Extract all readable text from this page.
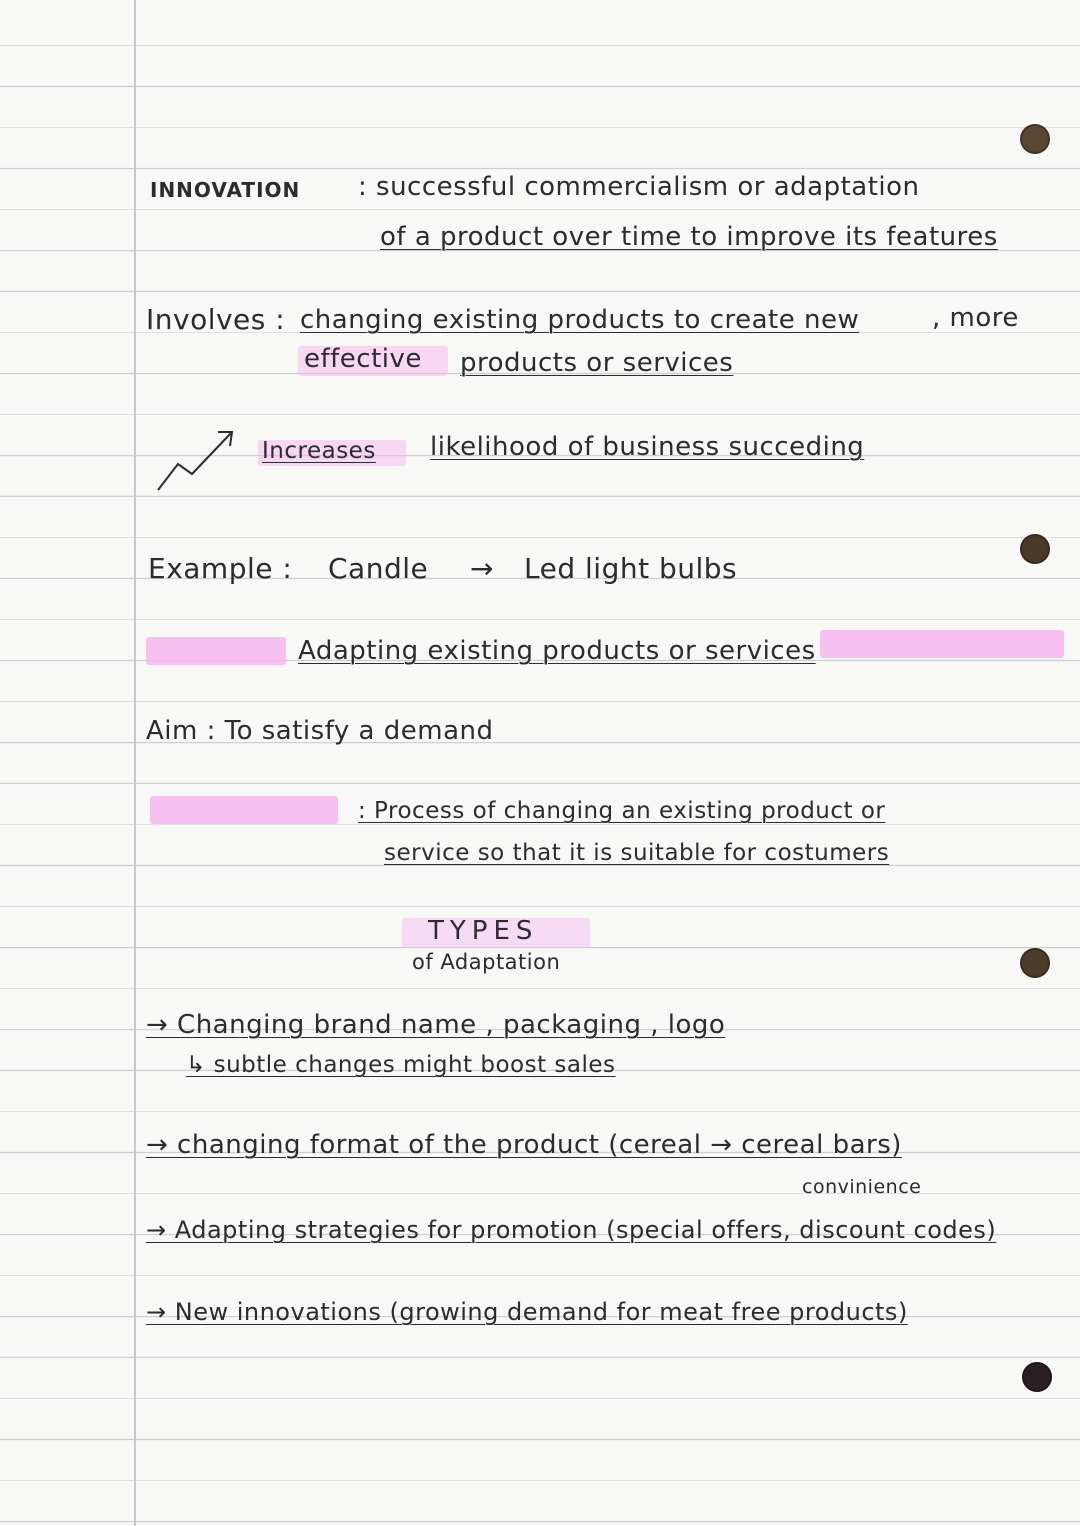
INNOVATION : successful commercialism or adaptation
of a product over time to improve its features
Involves : changing existing products to create new	, more
effective products or services
Increases likelihood of business succeding
Example : Candle → Led light bulbs
Adapting existing products or services
Aim : To satisfy a demand
: Process of changing an existing product or
service so that it is suitable for costumers
TYPES
of Adaptation
→ Changing brand name , packaging , logo
↳ subtle changes might boost sales
→ changing format of the product (cereal → cereal bars)
convinience
→ Adapting strategies for promotion (special offers, discount codes)
→ New innovations (growing demand for meat free products)
